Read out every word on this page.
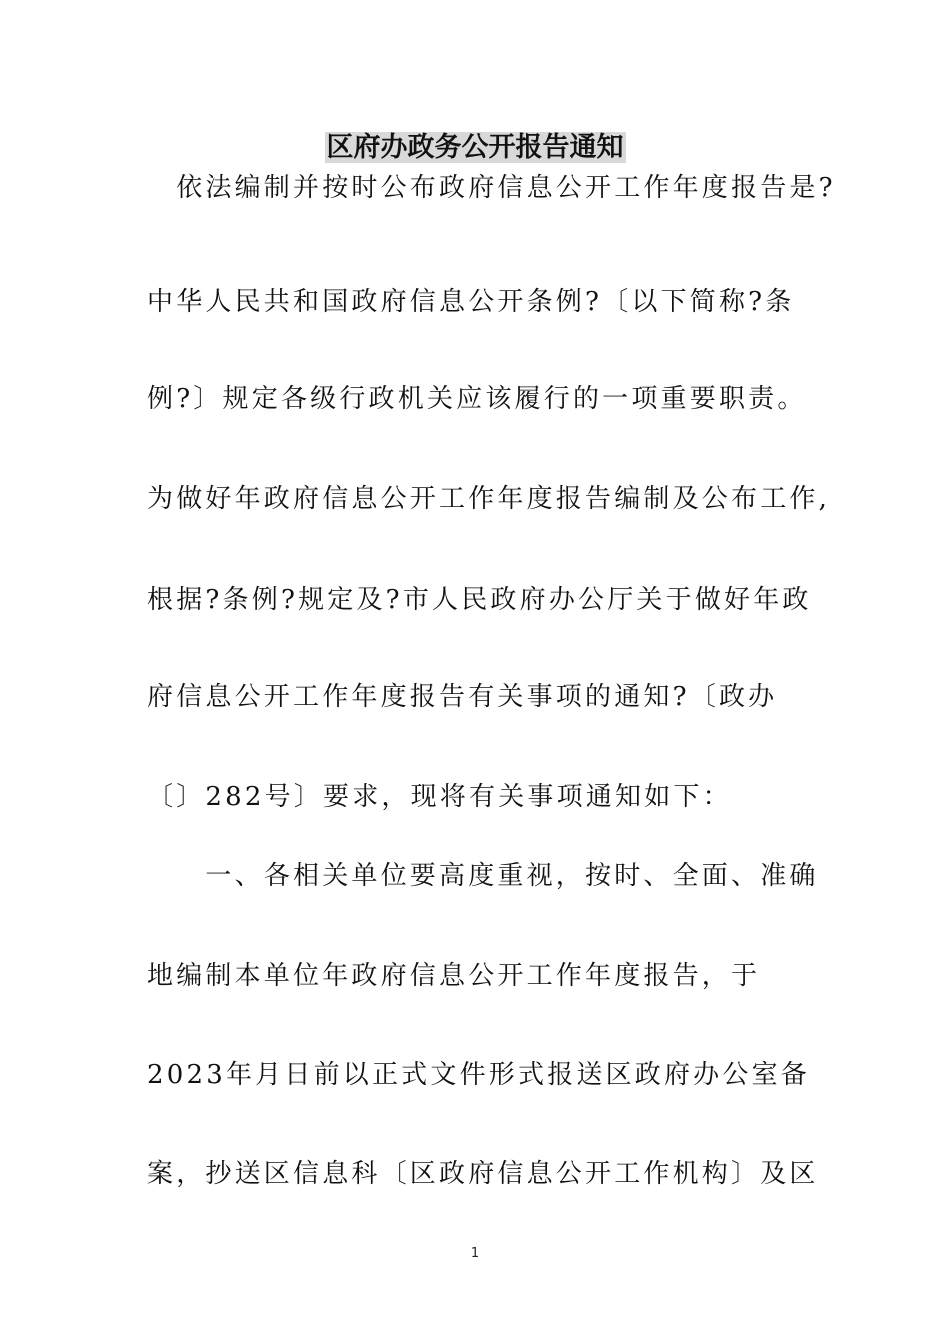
区府办政务公开报告通知

　依法编制并按时公布政府信息公开工作年度报告是?

中华人民共和国政府信息公开条例?〔以下简称?条

例?〕规定各级行政机关应该履行的一项重要职责。

为做好年政府信息公开工作年度报告编制及公布工作,

根据?条例?规定及?市人民政府办公厅关于做好年政

府信息公开工作年度报告有关事项的通知?〔政办

〔〕282号〕要求，现将有关事项通知如下：

　　一、各相关单位要高度重视，按时、全面、准确

地编制本单位年政府信息公开工作年度报告，于

2023年月日前以正式文件形式报送区政府办公室备

案，抄送区信息科〔区政府信息公开工作机构〕及区

1
